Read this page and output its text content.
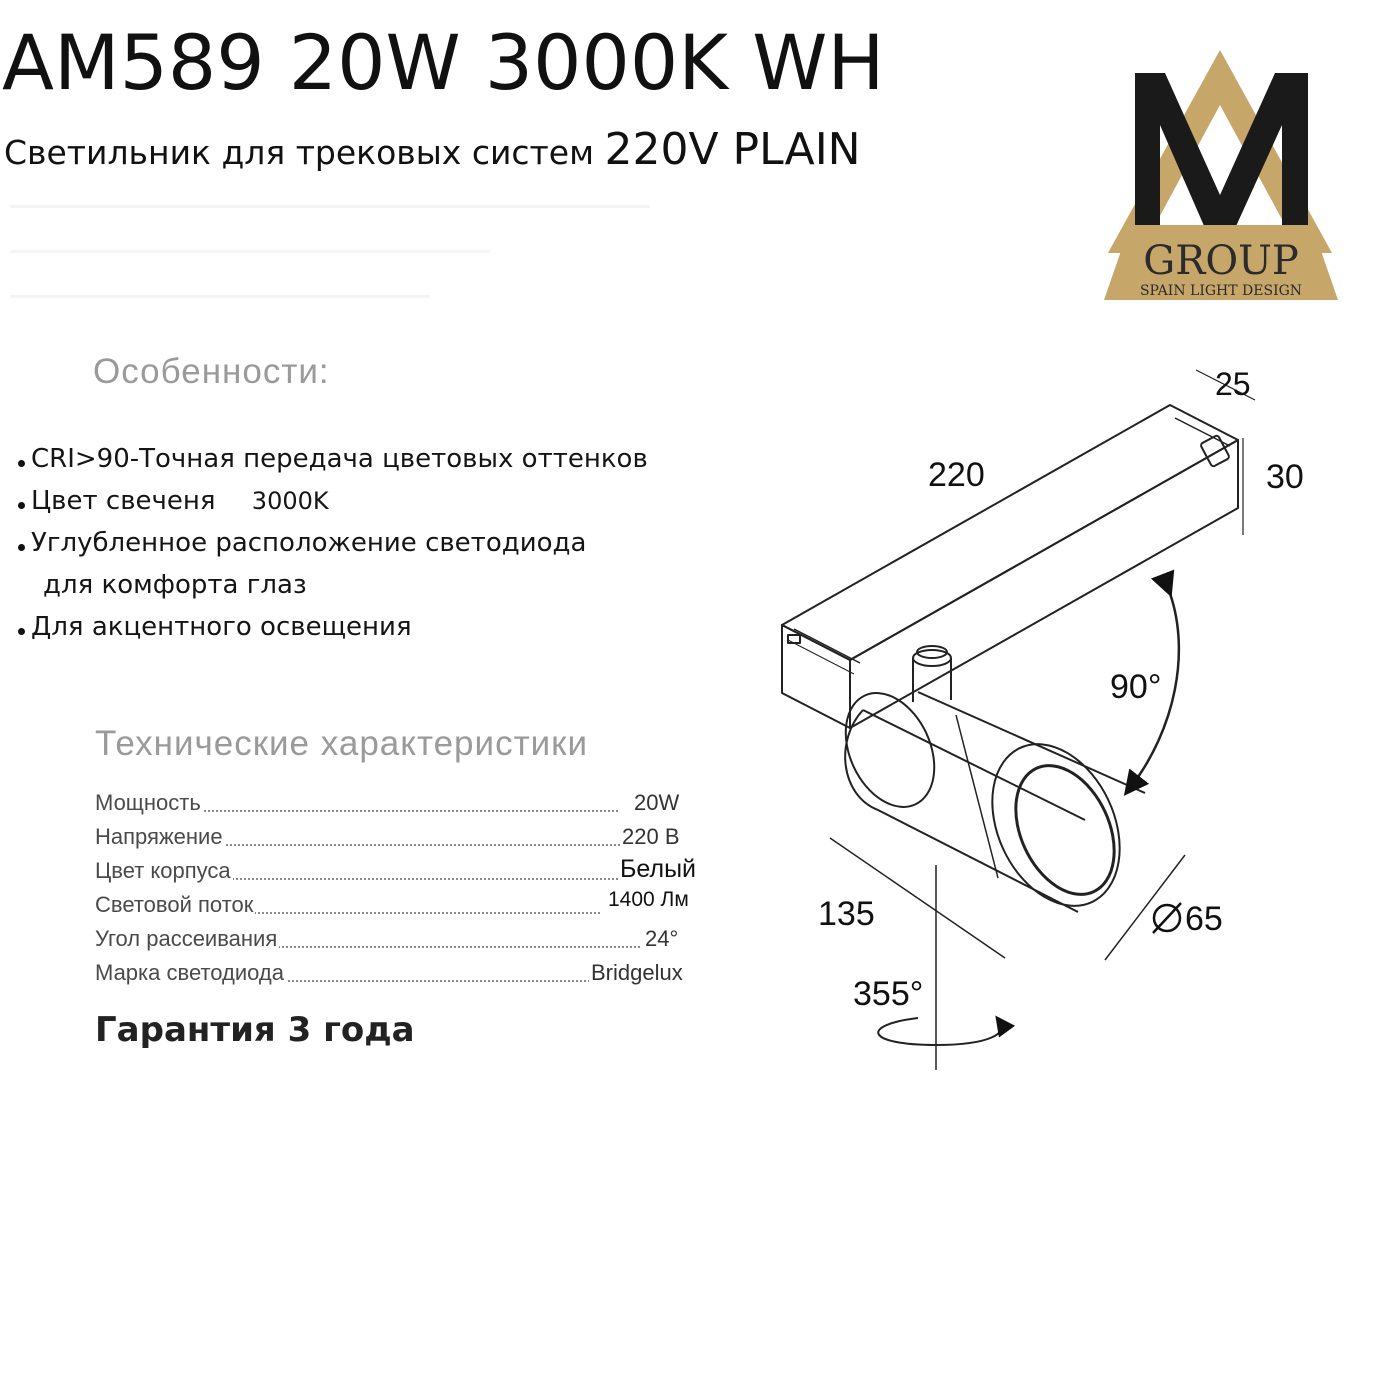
AM589 20W 3000K WH
Светильник для трековых систем 220V PLAIN
GROUP
SPAIN LIGHT DESIGN
Особенности:
CRI>90-Точная передача цветовых оттенков
Цвет свеченя 3000K
Углубленное расположение светодиода
для комфорта глаз
Для акцентного освещения
Технические характеристики
Мощность	20W
Напряжение	220 В
Цвет корпуса	Белый
Световой поток	1400 Лм
Угол рассеивания	24°
Марка светодиода	Bridgelux
Гарантия 3 года
25
30
220
90°
135	65
355°
